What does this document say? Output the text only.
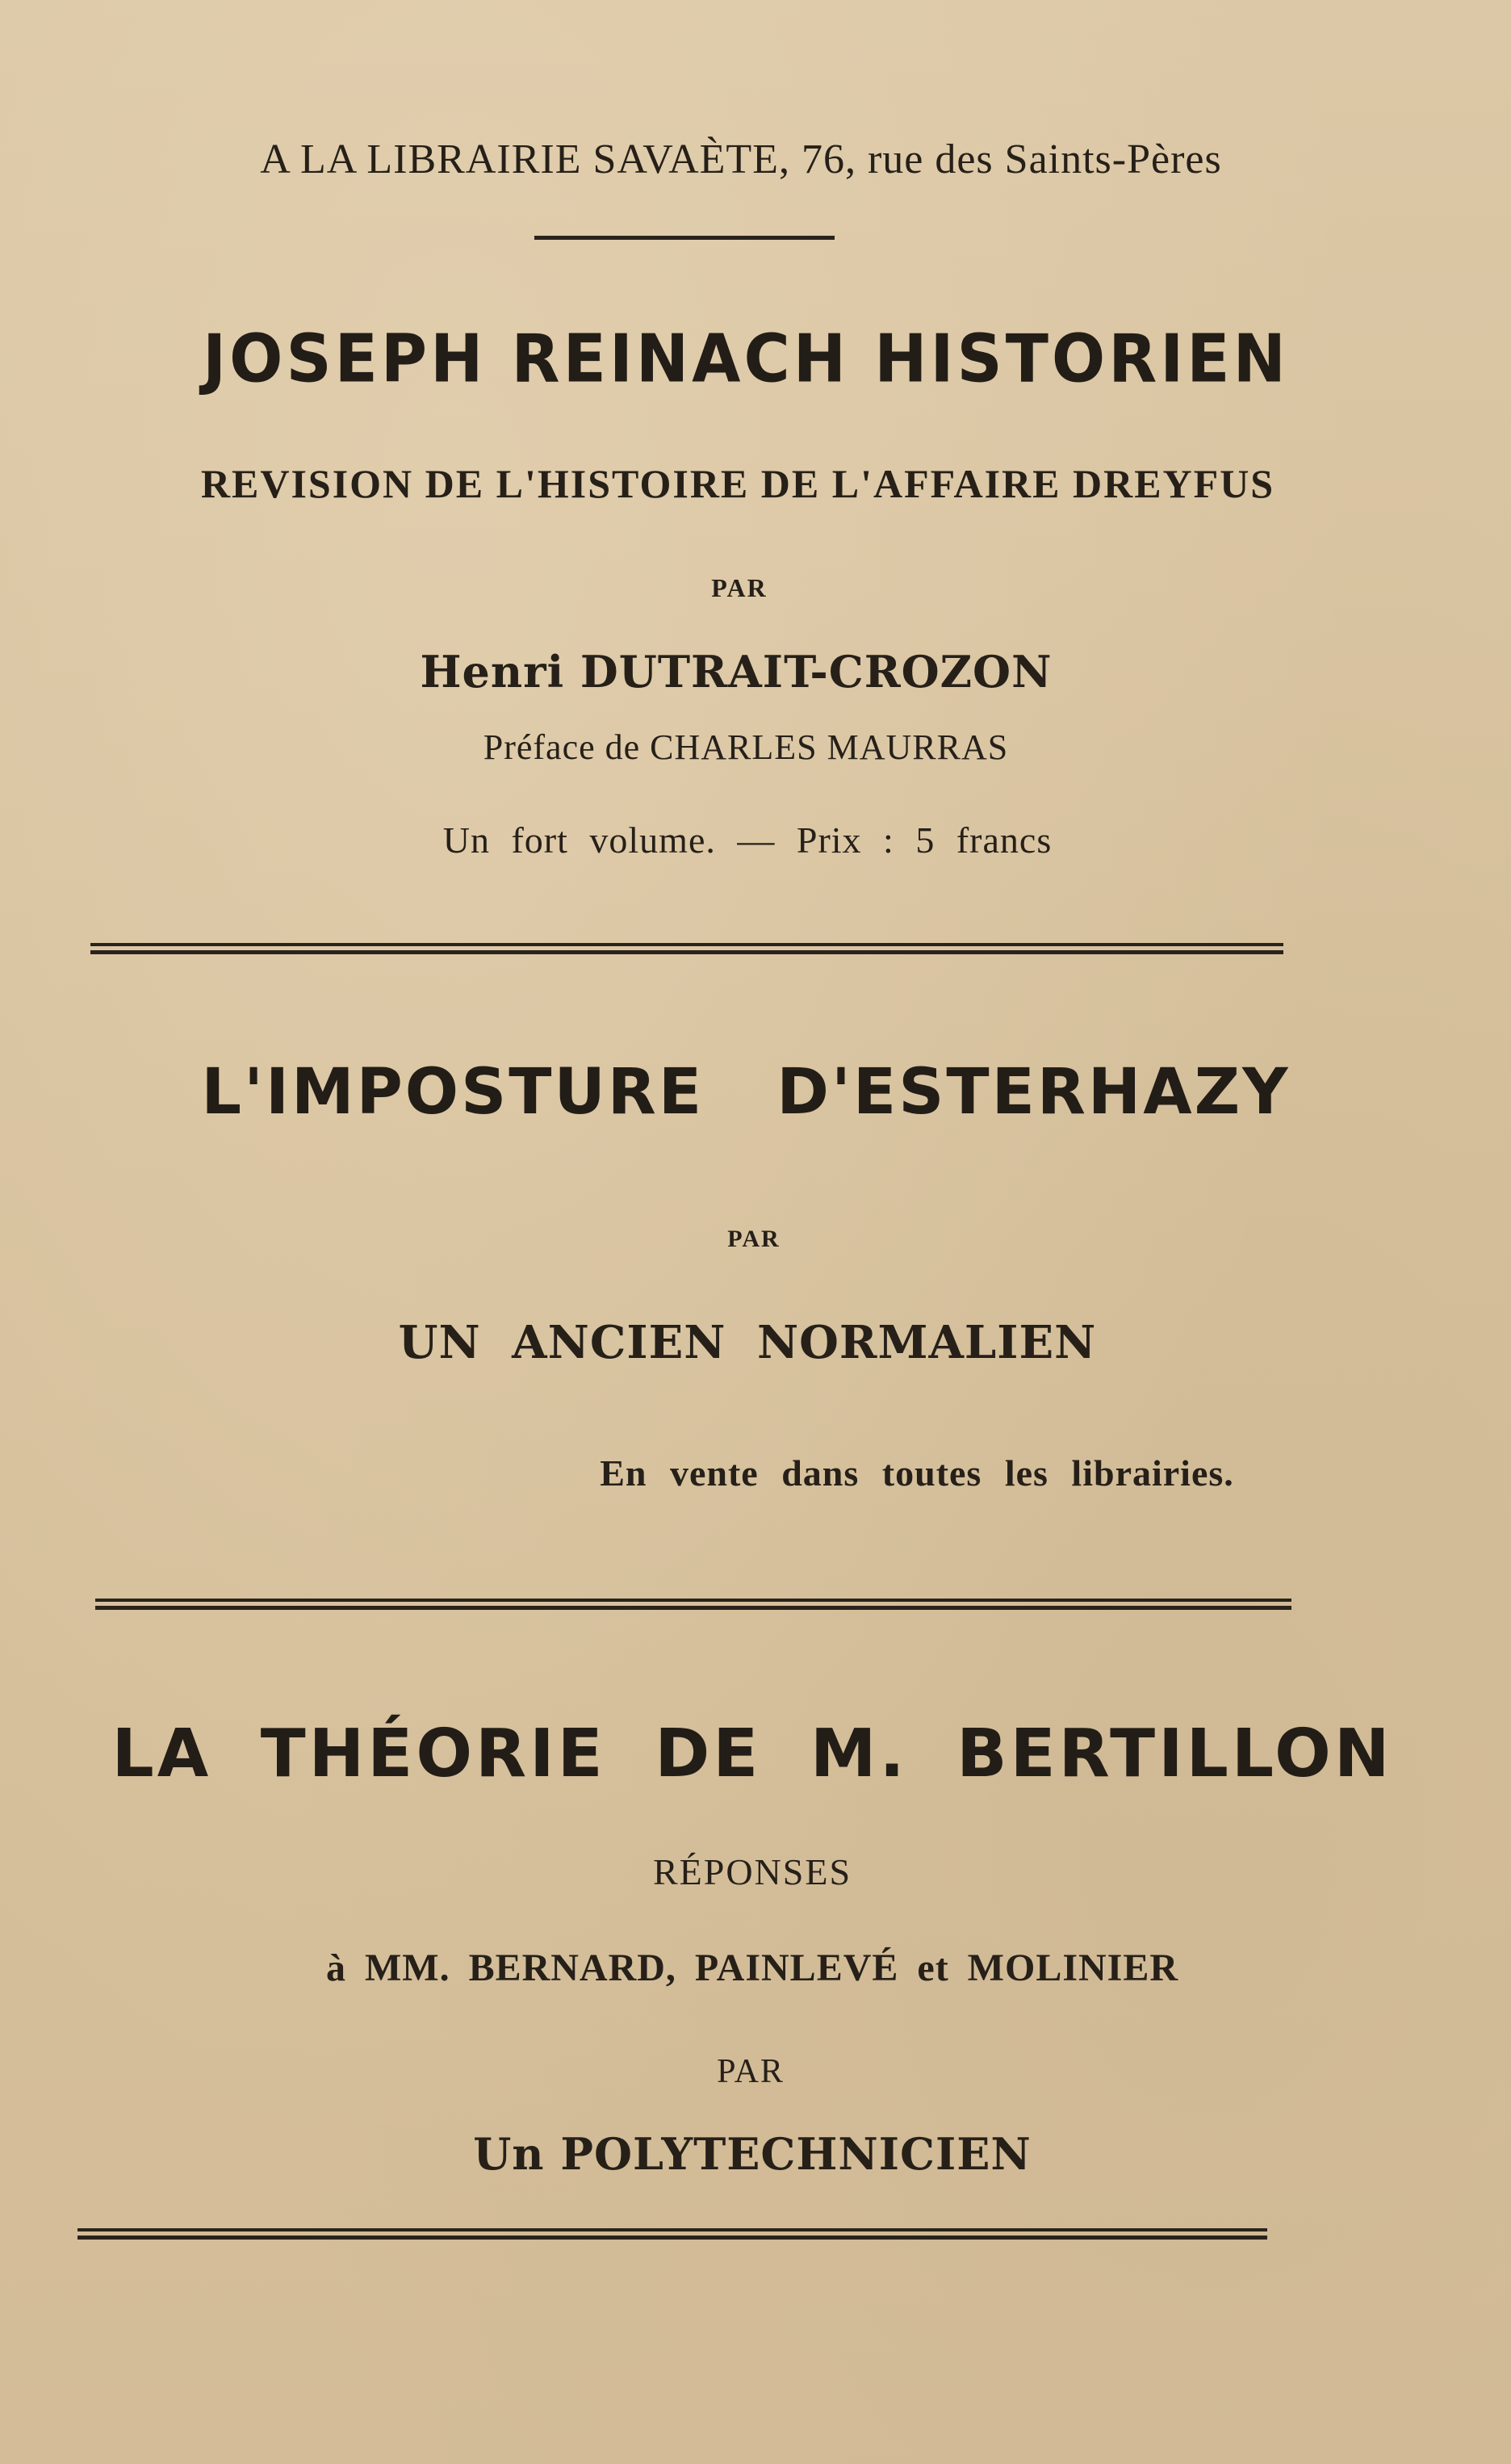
A LA LIBRAIRIE SAVAÈTE, 76, rue des Saints-Pères
JOSEPH REINACH HISTORIEN
REVISION DE L'HISTOIRE DE L'AFFAIRE DREYFUS
PAR
Henri DUTRAIT-CROZON
Préface de CHARLES MAURRAS
Un fort volume. — Prix : 5 francs
L'IMPOSTURE D'ESTERHAZY
PAR
UN ANCIEN NORMALIEN
En vente dans toutes les librairies.
LA THÉORIE DE M. BERTILLON
RÉPONSES
à MM. BERNARD, PAINLEVÉ et MOLINIER
PAR
Un POLYTECHNICIEN
